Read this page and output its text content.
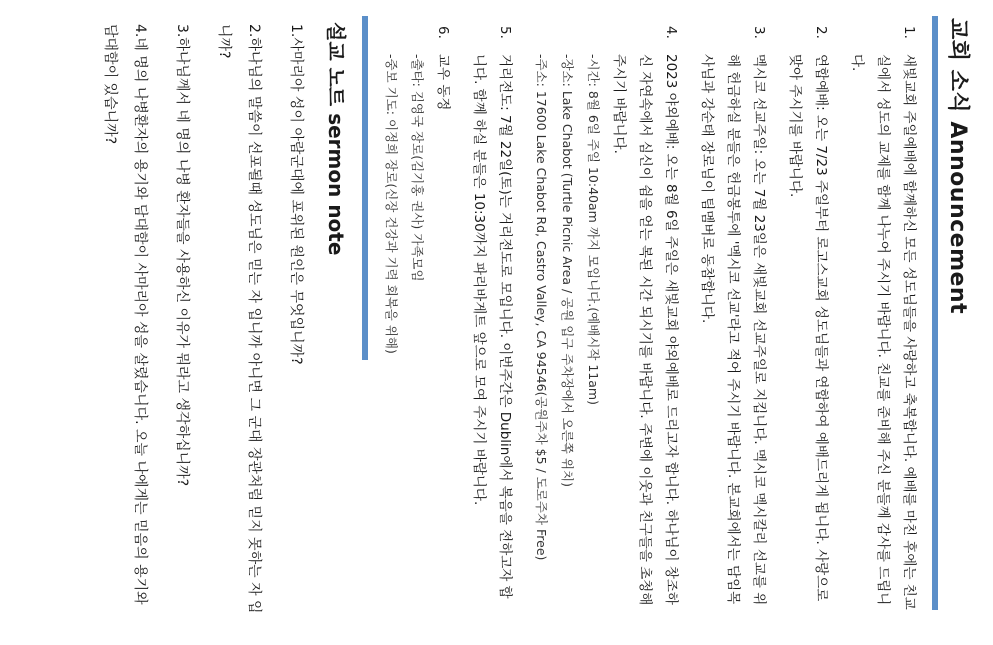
교회 소식 Announcement
1.
새빛교회 주일예배에 함께하신 모든 성도님들을 사랑하고 축복합니다. 예배를 마친 후에는 친교실에서 성도의 교제를 함께 나누어 주시기 바랍니다. 친교를 준비해 주신 분들께 감사를 드립니다.
2.
연합예배: 오는 7/23 주일부터 로고스교회 성도님들과 연합하여 예배드리게 됩니다. 사랑으로 맞아 주시기를 바랍니다.
3.
멕시코 선교주일: 오는 7월 23일은 새빛교회 선교주일로 지킵니다. 멕시코 멕시칼리 선교를 위해 헌금하실 분들은 헌금봉투에 '멕시코 선교'라고 적어 주시기 바랍니다. 본교회에서는 담임목사님과 강순태 장로님이 팀멤버로 동참합니다.
4.
2023 야외예배: 오는 8월 6일 주일은 새빛교회 야외예배로 드리고자 합니다. 하나님이 창조하신 자연속에서 심신이 쉼을 얻는 복된 시간 되시기를 바랍니다. 주변에 이웃과 친구들을 초청해 주시기 바랍니다.
-시간: 8월 6일 주일 10:40am 까지 모입니다.(예배시작 11am)
-장소: Lake Chabot (Turtle Picnic Area / 공원 입구 주차장에서 오른쪽 위치)
-주소: 17600 Lake Chabot Rd, Castro Valley, CA 94546(공원주차 $5 / 도로주차 Free)
5.
거리전도: 7월 22일(토)는 거리전도로 모입니다. 이번주간은 Dublin에서 복음을 전하고자 합니다. 함께 하실 분들은 10:30까지 파리바게트 앞으로 모여 주시기 바랍니다.
6.
교우 동정
-출타: 김영국 장로(김기홍 권사) 가족모임
-중보 기도: 이정희 장로(신장 건강과 기력 회복을 위해)
설교 노트 sermon note
1.사마리아 성이 아람군대에 포위된 원인은 무엇입니까?
2.하나님의 말씀이 선포될때 성도님은 믿는 자 입니까 아니면 그 군대 장관처럼 믿지 못하는 자 입니까?
3.하나님께서 네 명의 나병 환자들을 사용하신 이유가 뭐라고 생각하십니까?
4.네 명의 나병환자의 용기와 담대함이 사마리아 성을 살렸습니다. 오늘 나에게는 믿음의 용기와 담대함이 있습니까?
